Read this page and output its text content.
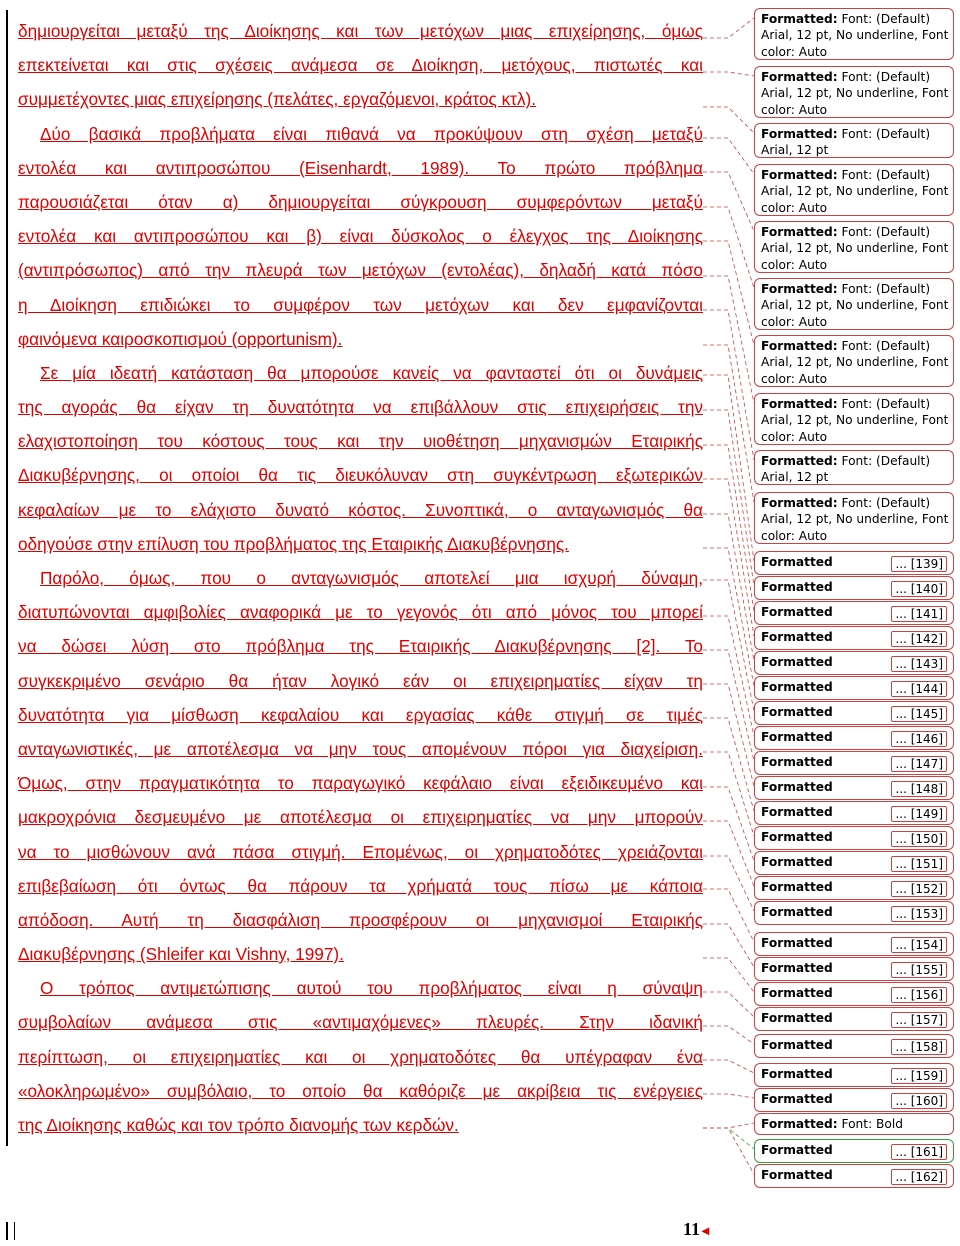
δημιουργείται μεταξύ της Διοίκησης και των μετόχων μιας επιχείρησης, όμως
επεκτείνεται και στις σχέσεις ανάμεσα σε Διοίκηση, μετόχους, πιστωτές και
συμμετέχοντες μιας επιχείρησης (πελάτες, εργαζόμενοι, κράτος κτλ).
Δύο βασικά προβλήματα είναι πιθανά να προκύψουν στη σχέση μεταξύ
εντολέα και αντιπροσώπου (Eisenhardt, 1989). Το πρώτο πρόβλημα
παρουσιάζεται όταν α) δημιουργείται σύγκρουση συμφερόντων μεταξύ
εντολέα και αντιπροσώπου και β) είναι δύσκολος ο έλεγχος της Διοίκησης
(αντιπρόσωπος) από την πλευρά των μετόχων (εντολέας), δηλαδή κατά πόσο
η Διοίκηση επιδιώκει το συμφέρον των μετόχων και δεν εμφανίζονται
φαινόμενα καιροσκοπισμού (opportunism).
Σε μία ιδεατή κατάσταση θα μπορούσε κανείς να φανταστεί ότι οι δυνάμεις
της αγοράς θα είχαν τη δυνατότητα να επιβάλλουν στις επιχειρήσεις την
ελαχιστοποίηση του κόστους τους και την υιοθέτηση μηχανισμών Εταιρικής
Διακυβέρνησης, οι οποίοι θα τις διευκόλυναν στη συγκέντρωση εξωτερικών
κεφαλαίων με το ελάχιστο δυνατό κόστος. Συνοπτικά, ο ανταγωνισμός θα
οδηγούσε στην επίλυση του προβλήματος της Εταιρικής Διακυβέρνησης.
Παρόλο, όμως, που ο ανταγωνισμός αποτελεί μια ισχυρή δύναμη,
διατυπώνονται αμφιβολίες αναφορικά με το γεγονός ότι από μόνος του μπορεί
να δώσει λύση στο πρόβλημα της Εταιρικής Διακυβέρνησης [2]. Το
συγκεκριμένο σενάριο θα ήταν λογικό εάν οι επιχειρηματίες είχαν τη
δυνατότητα για μίσθωση κεφαλαίου και εργασίας κάθε στιγμή σε τιμές
ανταγωνιστικές, με αποτέλεσμα να μην τους απομένουν πόροι για διαχείριση.
Όμως, στην πραγματικότητα το παραγωγικό κεφάλαιο είναι εξειδικευμένο και
μακροχρόνια δεσμευμένο με αποτέλεσμα οι επιχειρηματίες να μην μπορούν
να το μισθώνουν ανά πάσα στιγμή. Επομένως, οι χρηματοδότες χρειάζονται
επιβεβαίωση ότι όντως θα πάρουν τα χρήματά τους πίσω με κάποια
απόδοση. Αυτή τη διασφάλιση προσφέρουν οι μηχανισμοί Εταιρικής
Διακυβέρνησης (Shleifer και Vishny, 1997).
Ο τρόπος αντιμετώπισης αυτού του προβλήματος είναι η σύναψη
συμβολαίων ανάμεσα στις «αντιμαχόμενες» πλευρές. Στην ιδανική
περίπτωση, οι επιχειρηματίες και οι χρηματοδότες θα υπέγραφαν ένα
«ολοκληρωμένο» συμβόλαιο, το οποίο θα καθόριζε με ακρίβεια τις ενέργειες
της Διοίκησης καθώς και τον τρόπο διανομής των κερδών.
11 ◂
Formatted: Font: (Default) Arial, 12 pt, No underline, Font color: Auto
Formatted: Font: (Default) Arial, 12 pt, No underline, Font color: Auto
Formatted: Font: (Default) Arial, 12 pt
Formatted: Font: (Default) Arial, 12 pt, No underline, Font color: Auto
Formatted: Font: (Default) Arial, 12 pt, No underline, Font color: Auto
Formatted: Font: (Default) Arial, 12 pt, No underline, Font color: Auto
Formatted: Font: (Default) Arial, 12 pt, No underline, Font color: Auto
Formatted: Font: (Default) Arial, 12 pt, No underline, Font color: Auto
Formatted: Font: (Default) Arial, 12 pt
Formatted: Font: (Default) Arial, 12 pt, No underline, Font color: Auto
Formatted	... [139]
Formatted	... [140]
Formatted	... [141]
Formatted	... [142]
Formatted	... [143]
Formatted	... [144]
Formatted	... [145]
Formatted	... [146]
Formatted	... [147]
Formatted	... [148]
Formatted	... [149]
Formatted	... [150]
Formatted	... [151]
Formatted	... [152]
Formatted	... [153]
Formatted	... [154]
Formatted	... [155]
Formatted	... [156]
Formatted	... [157]
Formatted	... [158]
Formatted	... [159]
Formatted	... [160]
Formatted: Font: Bold
Formatted	... [161]
Formatted	... [162]
